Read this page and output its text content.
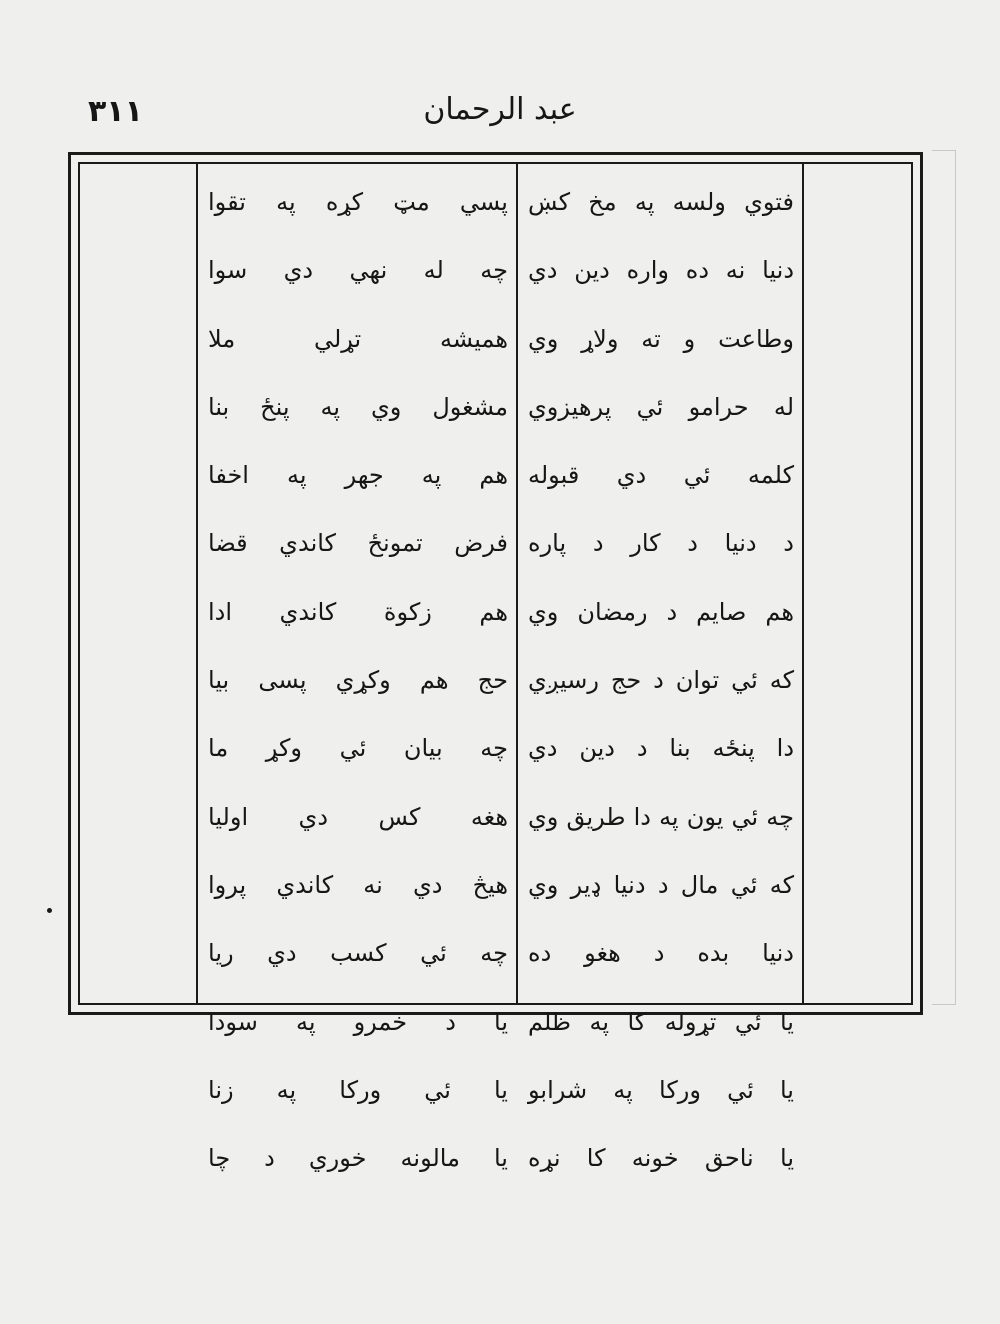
۳۱۱	عبد الرحمان
فتوي ولسه په مخ کښ
دنیا نه ده واره دین دي
وطاعت و ته ولاړ وي
له حرامو ئي پرهیزوي
کلمه ئي دي قبوله
د دنیا د کار د پاره
هم صایم د رمضان وي
که ئي توان د حج رسیږي
دا پنځه بنا د دین دي
چه ئي یون په دا طریق وي
که ئي مال د دنیا ډیر وي
دنیا بده د هغو ده
یا ئي تړوله کا په ظلم
یا ئي ورکا په شرابو
یا ناحق خونه کا نړه
پسي مټ کړه په تقوا
چه له نهي دي سوا
همیشه تړلي ملا
مشغول وي په پنځ بنا
هم په جهر په اخفا
فرض تمونځ کاندي قضا
هم زکوة کاندي ادا
حج هم وکړي پسی بیا
چه بیان ئي وکړ ما
هغه کس دي اولیا
هیڅ دي نه کاندي پروا
چه ئي کسب دي ریا
یا د خمرو په سودا
یا ئي ورکا په زنا
یا مالونه خوري د چا
